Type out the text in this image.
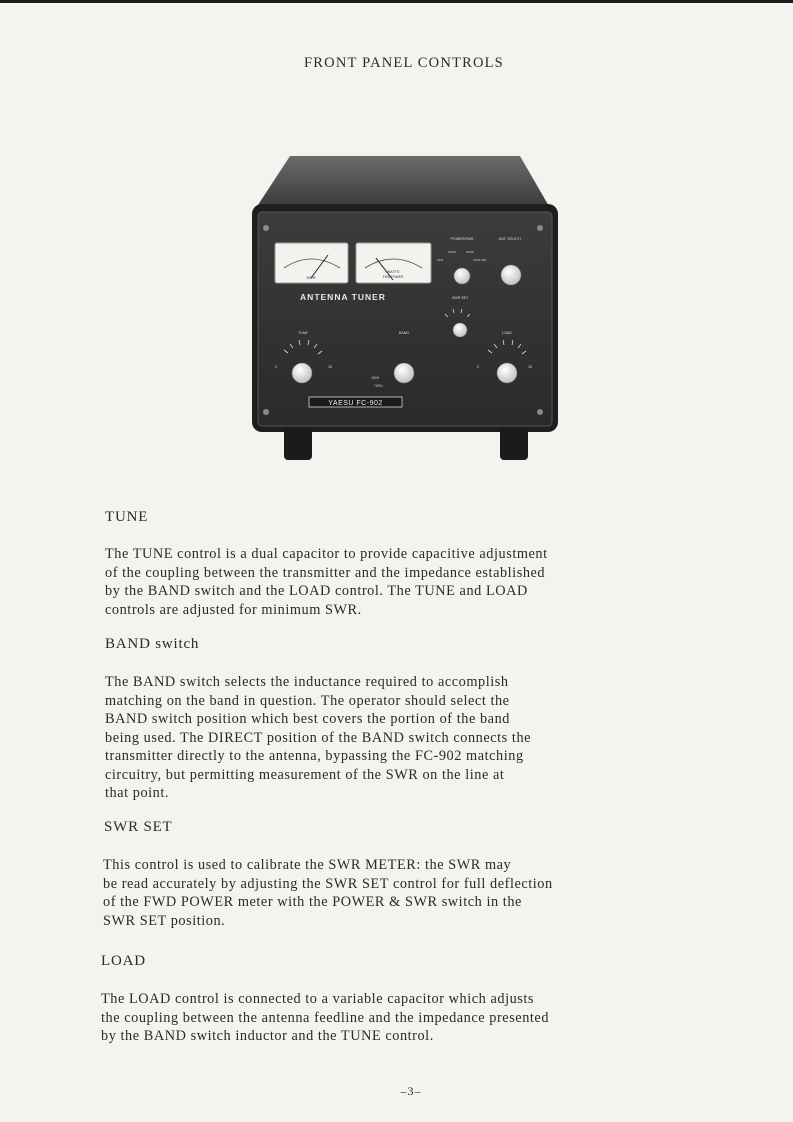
FRONT PANEL CONTROLS
SWR
WATTS
FWD POWER
ANTENNA TUNER
POWER/SWR	ANT. SELECT
SWR SET
TUNE	BAND	LOAD
250W	500W
20W	SWR SET
0	10	0	10
160M
THRU
YAESU FC-902
TUNE
The TUNE control is a dual capacitor to provide capacitive adjustment
of the coupling between the transmitter and the impedance established
by the BAND switch and the LOAD control. The TUNE and LOAD
controls are adjusted for minimum SWR.
BAND switch
The BAND switch selects the inductance required to accomplish
matching on the band in question. The operator should select the
BAND switch position which best covers the portion of the band
being used. The DIRECT position of the BAND switch connects the
transmitter directly to the antenna, bypassing the FC-902 matching
circuitry, but permitting measurement of the SWR on the line at
that point.
SWR SET
This control is used to calibrate the SWR METER: the SWR may
be read accurately by adjusting the SWR SET control for full deflection
of the FWD POWER meter with the POWER & SWR switch in the
SWR SET position.
LOAD
The LOAD control is connected to a variable capacitor which adjusts
the coupling between the antenna feedline and the impedance presented
by the BAND switch inductor and the TUNE control.
–3–
